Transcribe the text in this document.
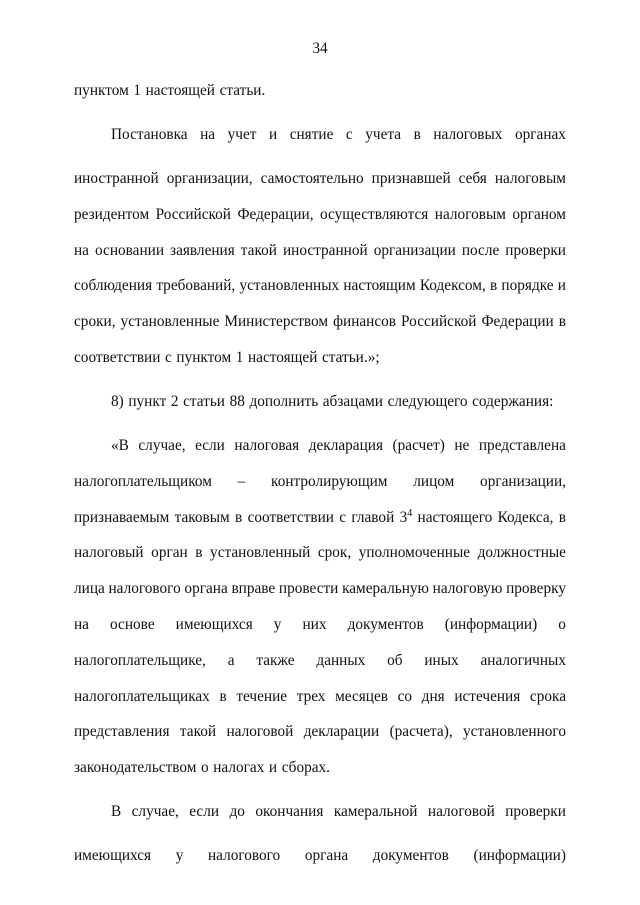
34
пунктом 1 настоящей статьи.
Постановка на учет и снятие с учета в налоговых органах
иностранной организации, самостоятельно признавшей себя налоговым
резидентом Российской Федерации, осуществляются налоговым органом
на основании заявления такой иностранной организации после проверки
соблюдения требований, установленных настоящим Кодексом, в порядке и
сроки, установленные Министерством финансов Российской Федерации в
соответствии с пунктом 1 настоящей статьи.»;
8) пункт 2 статьи 88 дополнить абзацами следующего содержания:
«В случае, если налоговая декларация (расчет) не представлена
налогоплательщиком – контролирующим лицом организации,
признаваемым таковым в соответствии с главой $3^4$ настоящего Кодекса, в
налоговый орган в установленный срок, уполномоченные должностные
лица налогового органа вправе провести камеральную налоговую проверку
на основе имеющихся у них документов (информации) о
налогоплательщике, а также данных об иных аналогичных
налогоплательщиках в течение трех месяцев со дня истечения срока
представления такой налоговой декларации (расчета), установленного
законодательством о налогах и сборах.
В случае, если до окончания камеральной налоговой проверки
имеющихся у налогового органа документов (информации)
